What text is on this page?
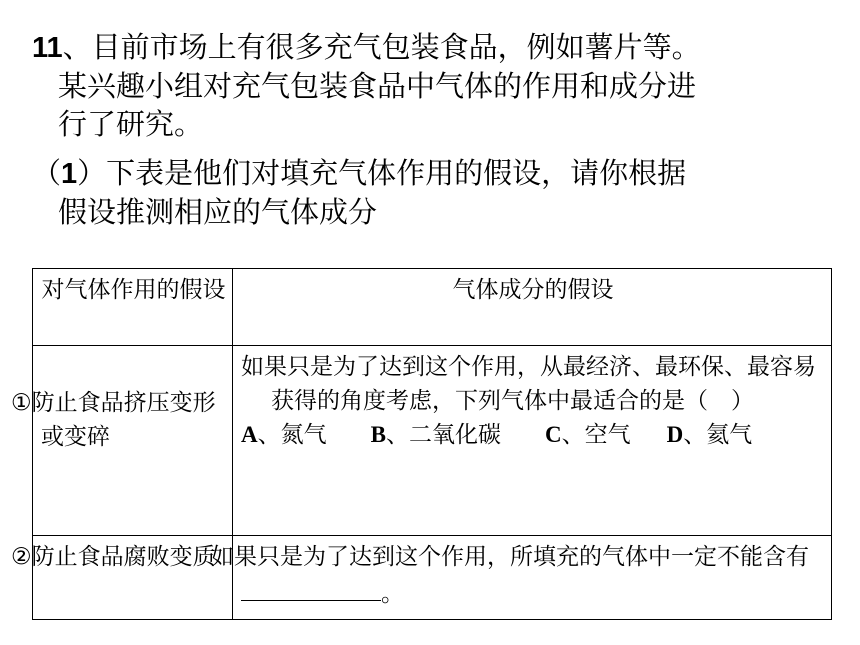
11、目前市场上有很多充气包装食品，例如薯片等。
某兴趣小组对充气包装食品中气体的作用和成分进
行了研究。
（1）下表是他们对填充气体作用的假设，请你根据
假设推测相应的气体成分
对气体作用的假设	气体成分的假设
①防止食品挤压变形或变碎	如果只是为了达到这个作用，从最经济、最环保、最容易获得的角度考虑，下列气体中最适合的是（　）
A、氮气 B、二氧化碳 C、空气 D、氦气

②防止食品腐败变质	如果只是为了达到这个作用，所填充的气体中一定不能含有。
